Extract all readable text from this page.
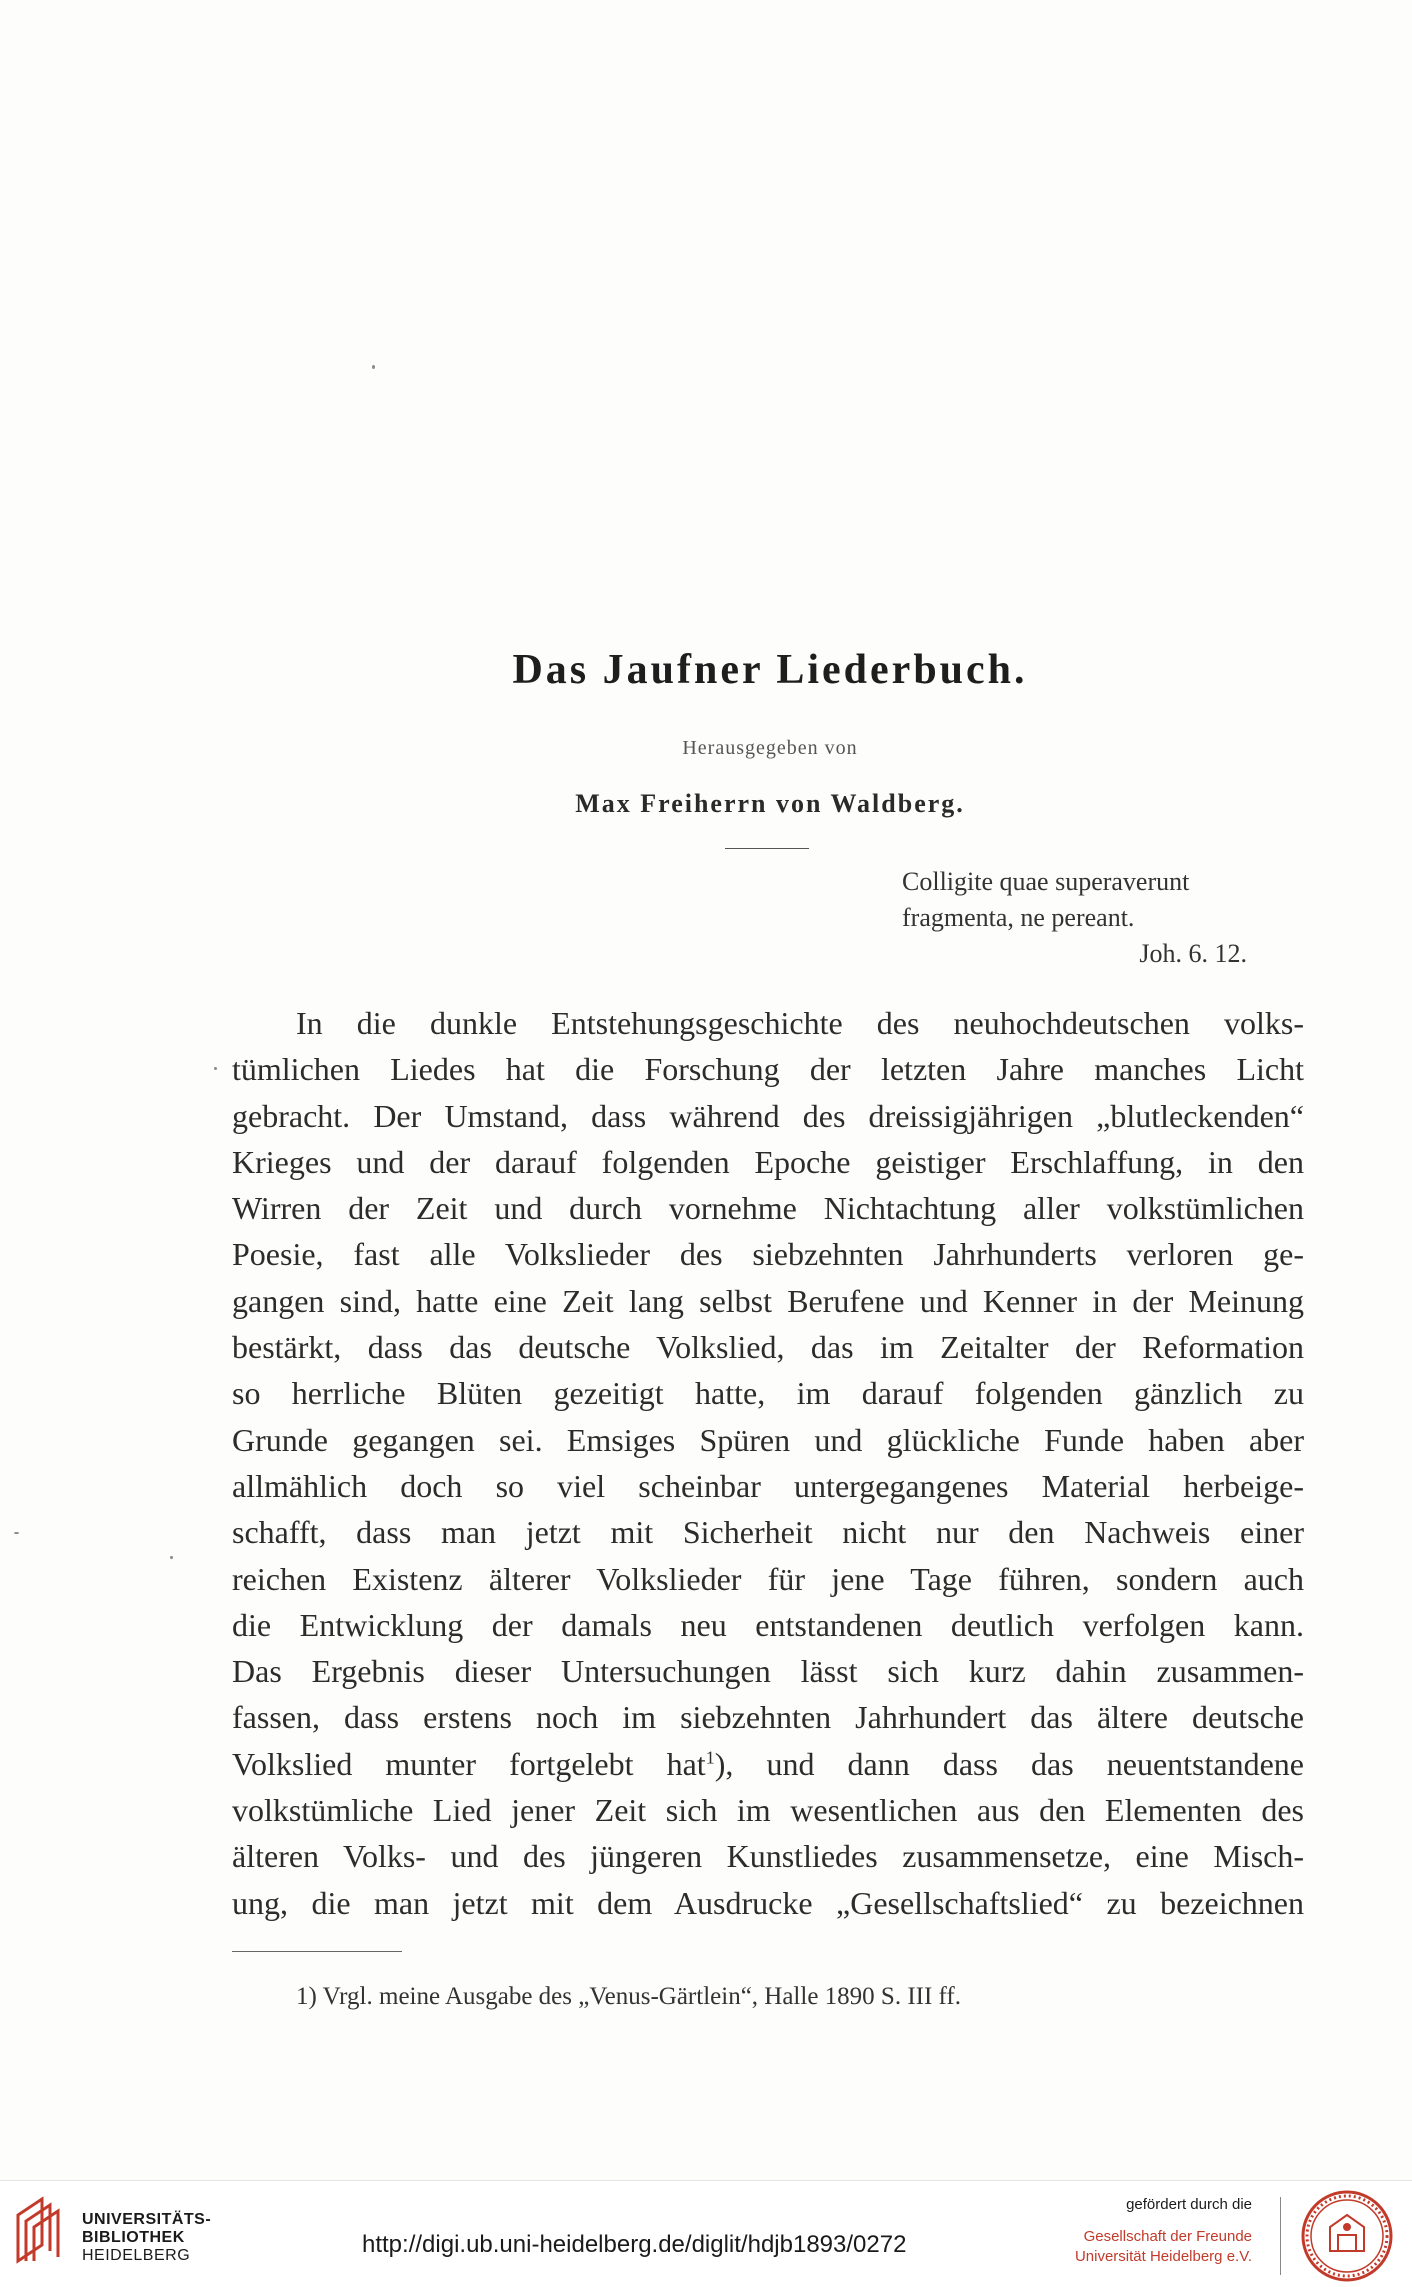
Das Jaufner Liederbuch.
Herausgegeben von
Max Freiherrn von Waldberg.
Colligite quae superaverunt
fragmenta, ne pereant.
Joh. 6. 12.
In die dunkle Entstehungsgeschichte des neuhochdeutschen volks-
tümlichen Liedes hat die Forschung der letzten Jahre manches Licht
gebracht. Der Umstand, dass während des dreissigjährigen „blutleckenden“
Krieges und der darauf folgenden Epoche geistiger Erschlaffung, in den
Wirren der Zeit und durch vornehme Nichtachtung aller volkstümlichen
Poesie, fast alle Volkslieder des siebzehnten Jahrhunderts verloren ge-
gangen sind, hatte eine Zeit lang selbst Berufene und Kenner in der Meinung
bestärkt, dass das deutsche Volkslied, das im Zeitalter der Reformation
so herrliche Blüten gezeitigt hatte, im darauf folgenden gänzlich zu
Grunde gegangen sei. Emsiges Spüren und glückliche Funde haben aber
allmählich doch so viel scheinbar untergegangenes Material herbeige-
schafft, dass man jetzt mit Sicherheit nicht nur den Nachweis einer
reichen Existenz älterer Volkslieder für jene Tage führen, sondern auch
die Entwicklung der damals neu entstandenen deutlich verfolgen kann.
Das Ergebnis dieser Untersuchungen lässt sich kurz dahin zusammen-
fassen, dass erstens noch im siebzehnten Jahrhundert das ältere deutsche
Volkslied munter fortgelebt hat$^1$), und dann dass das neuentstandene
volkstümliche Lied jener Zeit sich im wesentlichen aus den Elementen des
älteren Volks- und des jüngeren Kunstliedes zusammensetze, eine Misch-
ung, die man jetzt mit dem Ausdrucke „Gesellschaftslied“ zu bezeichnen
1) Vrgl. meine Ausgabe des „Venus-Gärtlein“, Halle 1890 S. III ff.
UNIVERSITÄTS-
BIBLIOTHEK
HEIDELBERG	http://digi.ub.uni-heidelberg.de/diglit/hdjb1893/0272
gefördert durch die
Gesellschaft der Freunde
Universität Heidelberg e.V.
